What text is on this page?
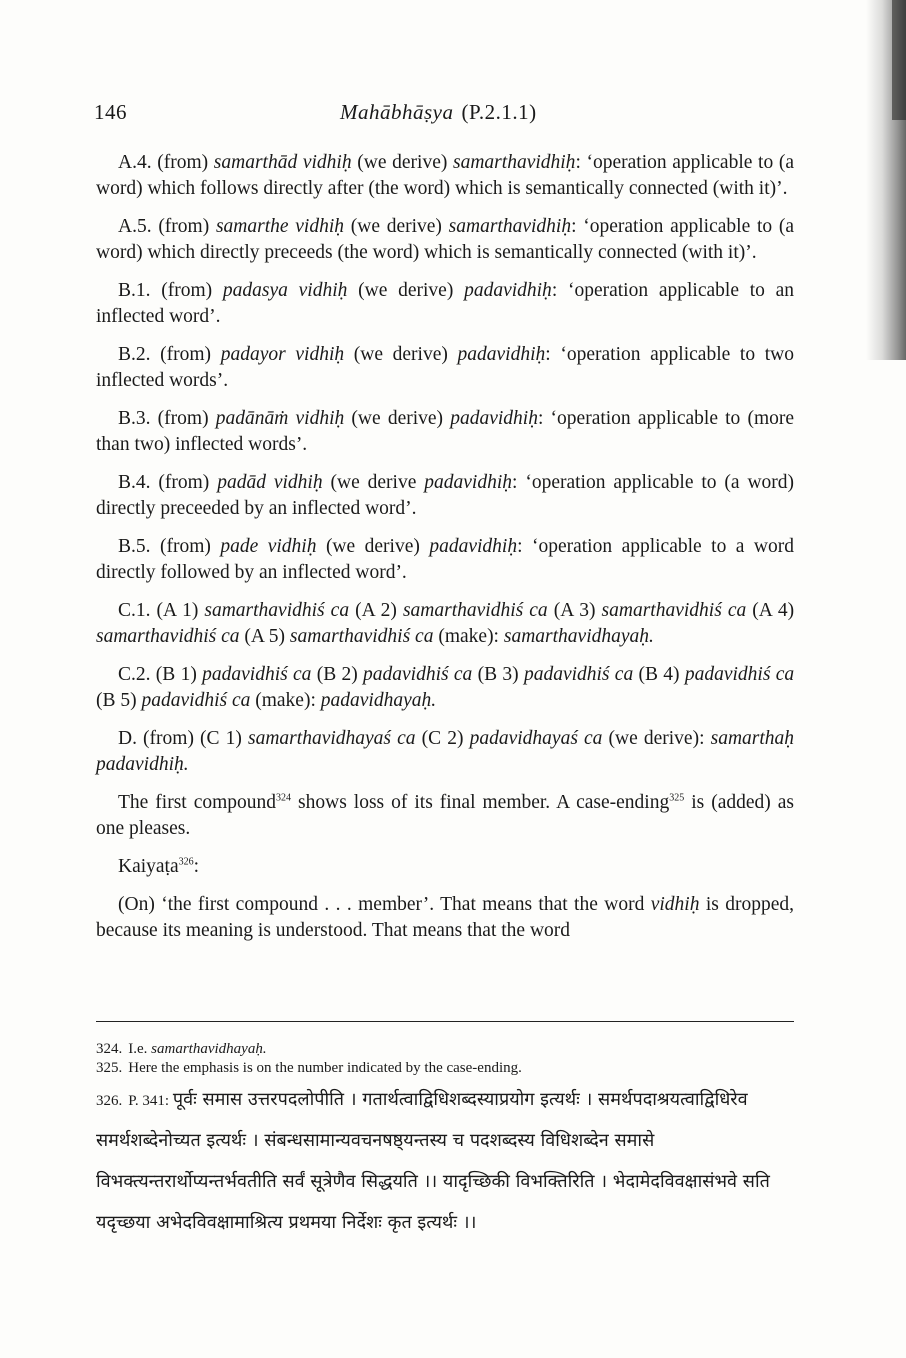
146	Mahābhāṣya (P.2.1.1)

A.4. (from) samarthād vidhiḥ (we derive) samarthavidhiḥ: ‘operation applicable to (a word) which follows directly after (the word) which is semantically connected (with it)’.

A.5. (from) samarthe vidhiḥ (we derive) samarthavidhiḥ: ‘operation applicable to (a word) which directly preceeds (the word) which is semantically connected (with it)’.

B.1. (from) padasya vidhiḥ (we derive) padavidhiḥ: ‘operation applicable to an inflected word’.

B.2. (from) padayor vidhiḥ (we derive) padavidhiḥ: ‘operation applicable to two inflected words’.

B.3. (from) padānāṁ vidhiḥ (we derive) padavidhiḥ: ‘operation applicable to (more than two) inflected words’.

B.4. (from) padād vidhiḥ (we derive padavidhiḥ: ‘operation applicable to (a word) directly preceeded by an inflected word’.

B.5. (from) pade vidhiḥ (we derive) padavidhiḥ: ‘operation applicable to a word directly followed by an inflected word’.

C.1. (A 1) samarthavidhiś ca (A 2) samarthavidhiś ca (A 3) samarthavidhiś ca (A 4) samarthavidhiś ca (A 5) samarthavidhiś ca (make): samarthavidhayaḥ.

C.2. (B 1) padavidhiś ca (B 2) padavidhiś ca (B 3) padavidhiś ca (B 4) padavidhiś ca (B 5) padavidhiś ca (make): padavidhayaḥ.

D. (from) (C 1) samarthavidhayaś ca (C 2) padavidhayaś ca (we derive): samarthaḥ padavidhiḥ.

The first compound$^{324}$ shows loss of its final member. A case-ending$^{325}$ is (added) as one pleases.

Kaiyaṭa$^{326}$:

(On) ‘the first compound . . . member’. That means that the word vidhiḥ is dropped, because its meaning is understood. That means that the word

324. I.e. samarthavidhayaḥ.

325. Here the emphasis is on the number indicated by the case-ending.

326. P. 341: पूर्वः समास उत्तरपदलोपीति । गतार्थत्वाद्विधिशब्दस्याप्रयोग इत्यर्थः । समर्थपदाश्रयत्वाद्विधिरेव समर्थशब्देनोच्यत इत्यर्थः । संबन्धसामान्यवचनषष्ठ्यन्तस्य च पदशब्दस्य विधिशब्देन समासे विभक्त्यन्तरार्थोप्यन्तर्भवतीति सर्वं सूत्रेणैव सिद्धयति ।। यादृच्छिकी विभक्तिरिति । भेदामेदविवक्षासंभवे सति यदृच्छया अभेदविवक्षामाश्रित्य प्रथमया निर्देशः कृत इत्यर्थः ।।
